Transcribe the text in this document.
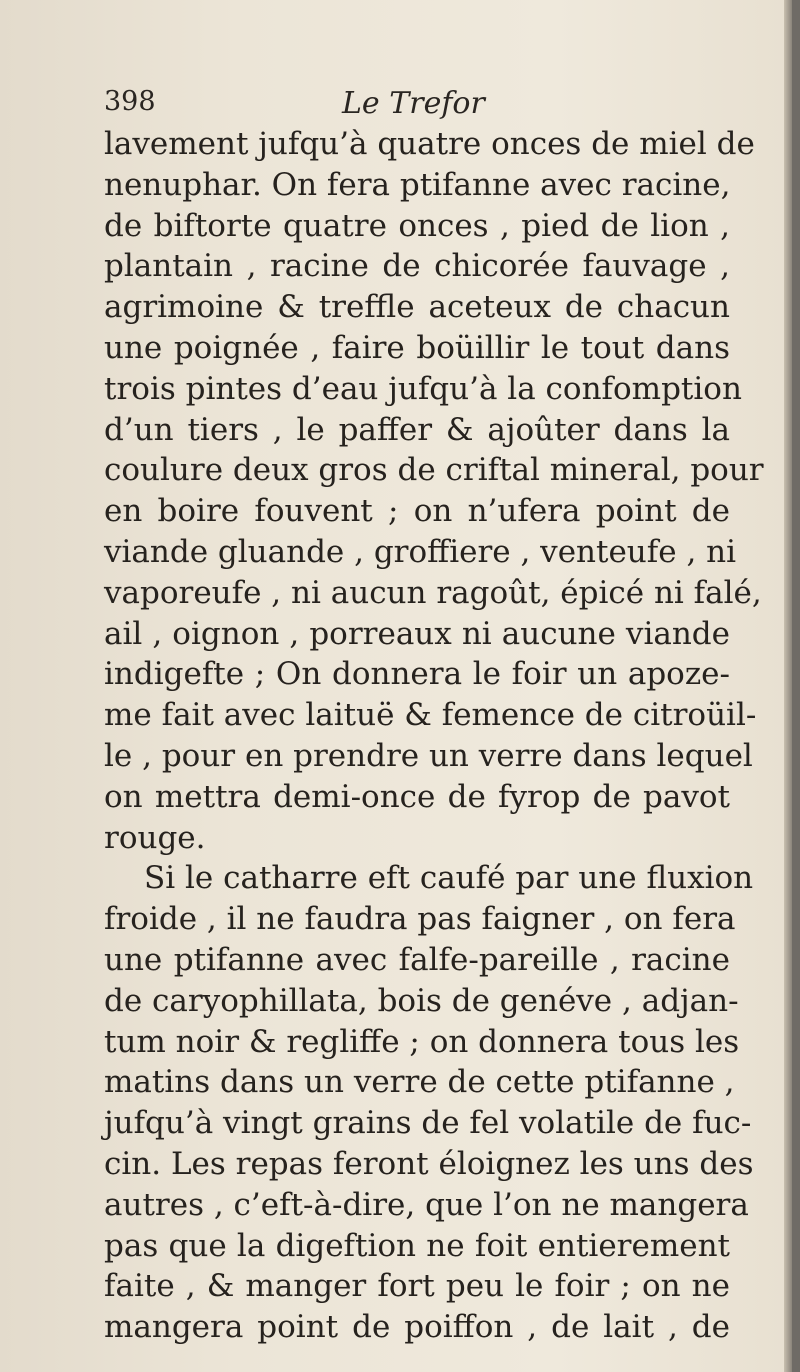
398	Le Trefor
lavement jufqu’à quatre onces de miel de
nenuphar. On fera ptifanne avec racine,
de biftorte quatre onces , pied de lion ,
plantain , racine de chicorée fauvage ,
agrimoine & treffle aceteux de chacun
une poignée , faire boüillir le tout dans
trois pintes d’eau jufqu’à la confomption
d’un tiers , le paffer & ajoûter dans la
coulure deux gros de criftal mineral, pour
en boire fouvent ; on n’ufera point de
viande gluande , groffiere , venteufe , ni
vaporeufe , ni aucun ragoût, épicé ni falé,
ail , oignon , porreaux ni aucune viande
indigefte ; On donnera le foir un apoze-
me fait avec laituë & femence de citroüil-
le , pour en prendre un verre dans lequel
on mettra demi-once de fyrop de pavot
rouge.
Si le catharre eft caufé par une fluxion
froide , il ne faudra pas faigner , on fera
une ptifanne avec falfe-pareille , racine
de caryophillata, bois de genéve , adjan-
tum noir & regliffe ; on donnera tous les
matins dans un verre de cette ptifanne ,
jufqu’à vingt grains de fel volatile de fuc-
cin. Les repas feront éloignez les uns des
autres , c’eft-à-dire, que l’on ne mangera
pas que la digeftion ne foit entierement
faite , & manger fort peu le foir ; on ne
mangera point de poiffon , de lait , de
